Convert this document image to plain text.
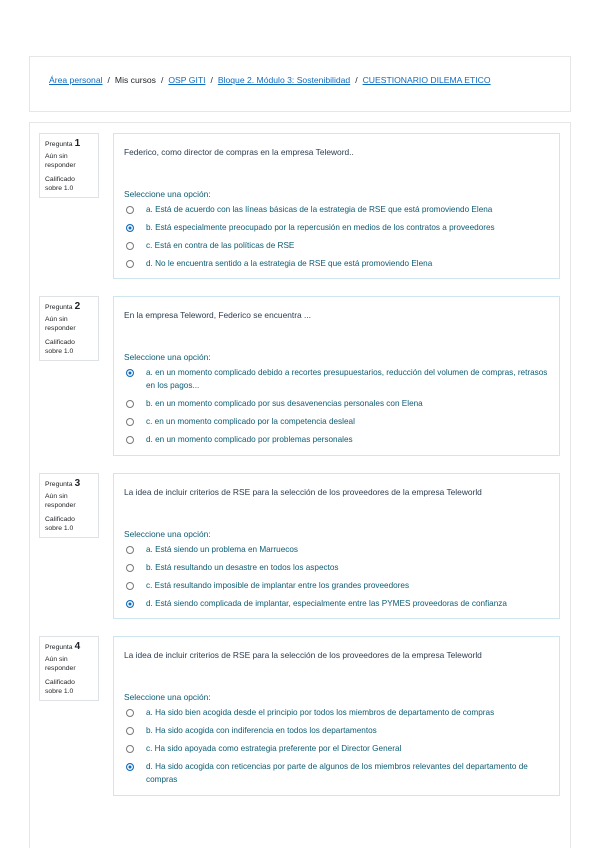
Área personal / Mis cursos / OSP GITI / Bloque 2. Módulo 3: Sostenibilidad / CUESTIONARIO DILEMA ETICO
Pregunta 1
Aún sin responder
Calificado sobre 1.0
Federico, como director de compras en la empresa Teleword..
Seleccione una opción:
a. Está de acuerdo con las líneas básicas de la estrategia de RSE que está promoviendo Elena
b. Está especialmente preocupado por la repercusión en medios de los contratos a proveedores
c. Está en contra de las políticas de RSE
d. No le encuentra sentido a la estrategia de RSE que está promoviendo Elena
Pregunta 2
Aún sin responder
Calificado sobre 1.0
En la empresa Teleword, Federico se encuentra ...
Seleccione una opción:
a. en un momento complicado debido a recortes presupuestarios, reducción del volumen de compras, retrasos en los pagos...
b. en un momento complicado por sus desavenencias personales con Elena
c. en un momento complicado por la competencia desleal
d. en un momento complicado por problemas personales
Pregunta 3
Aún sin responder
Calificado sobre 1.0
La idea de incluir criterios de RSE para la selección de los proveedores de la empresa Teleworld
Seleccione una opción:
a. Está siendo un problema en Marruecos
b. Está resultando un desastre en todos los aspectos
c. Está resultando imposible de implantar entre los grandes proveedores
d. Está siendo complicada de implantar, especialmente entre las PYMES proveedoras de confianza
Pregunta 4
Aún sin responder
Calificado sobre 1.0
La idea de incluir criterios de RSE para la selección de los proveedores de la empresa Teleworld
Seleccione una opción:
a. Ha sido bien acogida desde el principio por todos los miembros de departamento de compras
b. Ha sido acogida con indiferencia en todos los departamentos
c. Ha sido apoyada como estrategia preferente por el Director General
d. Ha sido acogida con reticencias por parte de algunos de los miembros relevantes del departamento de compras
